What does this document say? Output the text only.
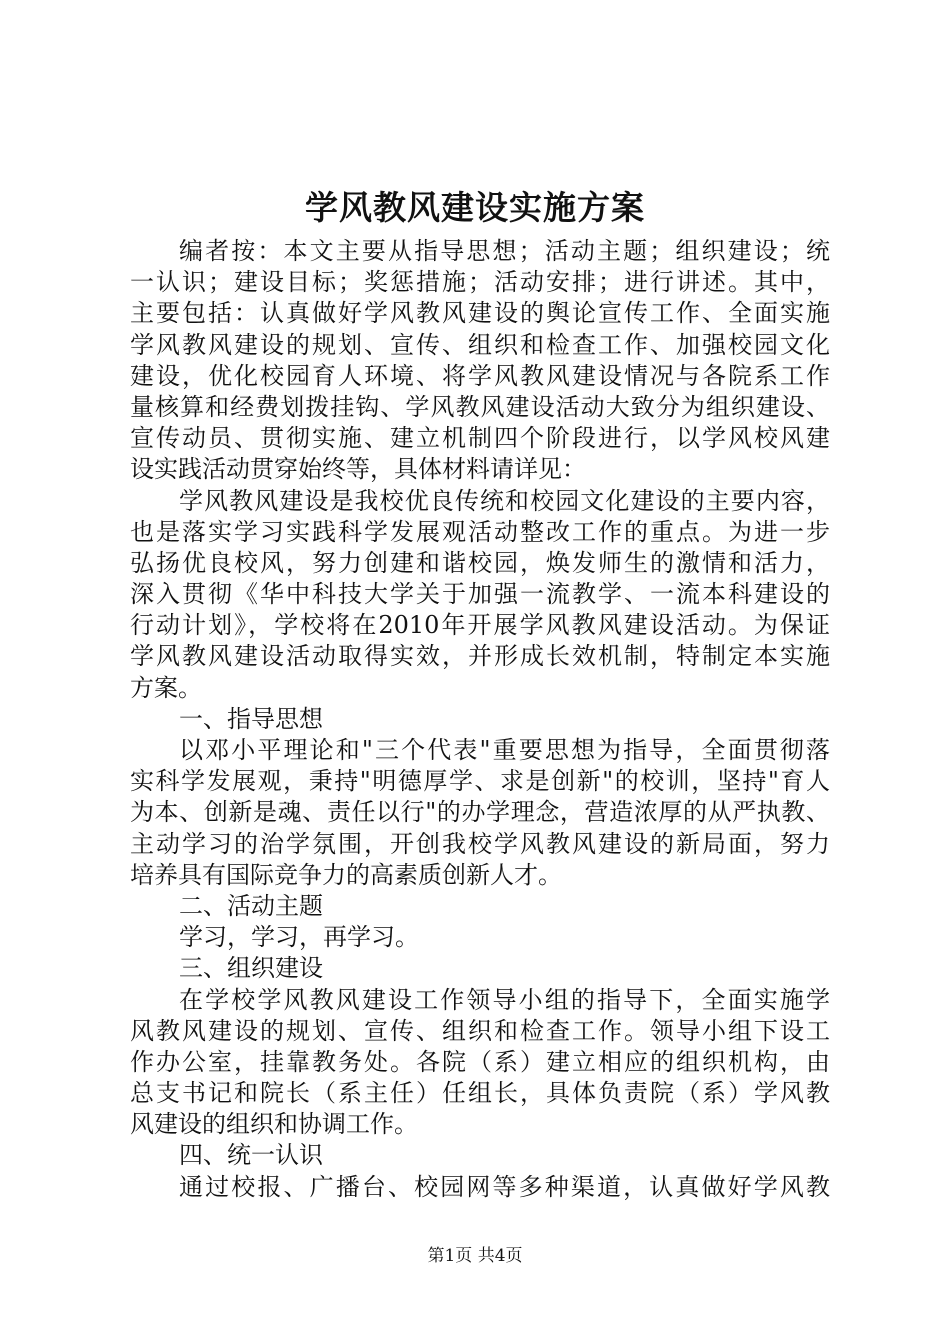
学风教风建设实施方案
编者按：本文主要从指导思想；活动主题；组织建设；统
一认识；建设目标；奖惩措施；活动安排；进行讲述。其中，
主要包括：认真做好学风教风建设的舆论宣传工作、全面实施
学风教风建设的规划、宣传、组织和检查工作、加强校园文化
建设，优化校园育人环境、将学风教风建设情况与各院系工作
量核算和经费划拨挂钩、学风教风建设活动大致分为组织建设、
宣传动员、贯彻实施、建立机制四个阶段进行，以学风校风建
设实践活动贯穿始终等，具体材料请详见：
学风教风建设是我校优良传统和校园文化建设的主要内容，
也是落实学习实践科学发展观活动整改工作的重点。为进一步
弘扬优良校风，努力创建和谐校园，焕发师生的激情和活力，
深入贯彻《华中科技大学关于加强一流教学、一流本科建设的
行动计划》，学校将在2010年开展学风教风建设活动。为保证
学风教风建设活动取得实效，并形成长效机制，特制定本实施
方案。
一、指导思想
以邓小平理论和"三个代表"重要思想为指导，全面贯彻落
实科学发展观，秉持"明德厚学、求是创新"的校训，坚持"育人
为本、创新是魂、责任以行"的办学理念，营造浓厚的从严执教、
主动学习的治学氛围，开创我校学风教风建设的新局面，努力
培养具有国际竞争力的高素质创新人才。
二、活动主题
学习，学习，再学习。
三、组织建设
在学校学风教风建设工作领导小组的指导下，全面实施学
风教风建设的规划、宣传、组织和检查工作。领导小组下设工
作办公室，挂靠教务处。各院（系）建立相应的组织机构，由
总支书记和院长（系主任）任组长，具体负责院（系）学风教
风建设的组织和协调工作。
四、统一认识
通过校报、广播台、校园网等多种渠道，认真做好学风教
第1页 共4页
